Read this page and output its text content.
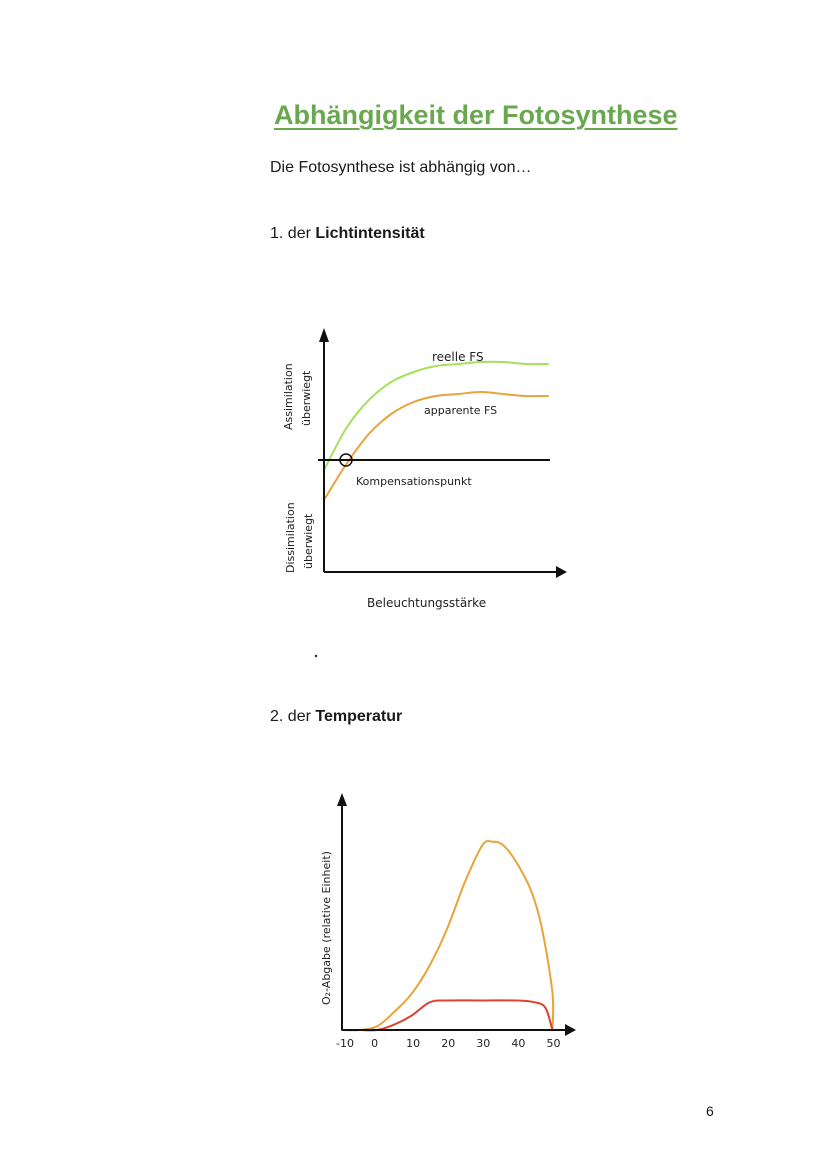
Abhängigkeit der Fotosynthese
Die Fotosynthese ist abhängig von…
1. der Lichtintensität
reelle FS
apparente FS
Kompensationspunkt
Beleuchtungsstärke
Assimilation überwiegt
Dissimilation überwiegt
2. der Temperatur
-10 0	10 20 30 40 50
O₂-Abgabe (relative Einheit)
6
